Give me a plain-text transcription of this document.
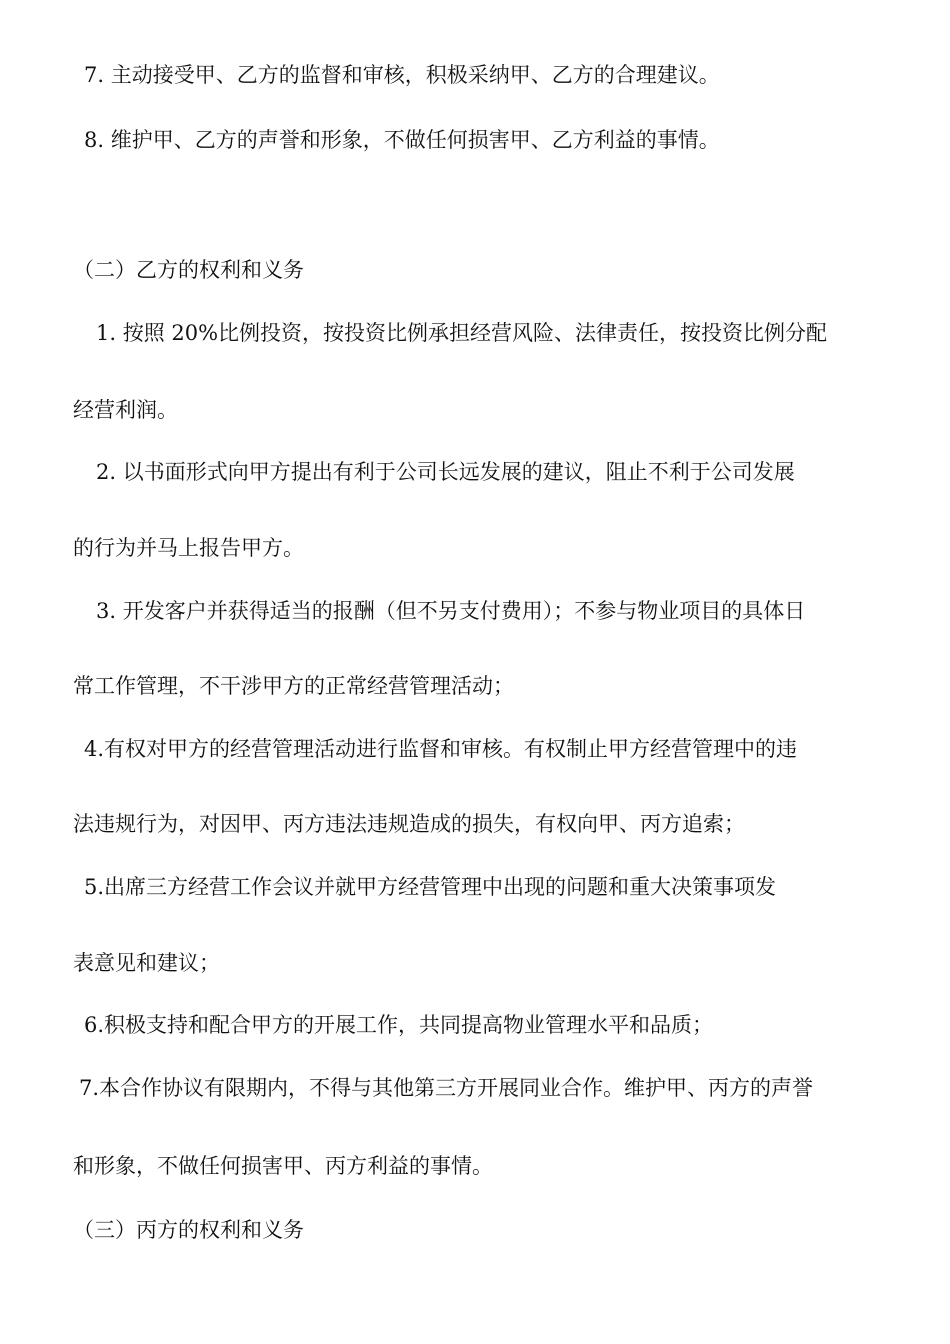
7. 主动接受甲、乙方的监督和审核，积极采纳甲、乙方的合理建议。
8. 维护甲、乙方的声誉和形象，不做任何损害甲、乙方利益的事情。
（二）乙方的权利和义务
1. 按照 20%比例投资，按投资比例承担经营风险、法律责任，按投资比例分配
经营利润。
2. 以书面形式向甲方提出有利于公司长远发展的建议，阻止不利于公司发展
的行为并马上报告甲方。
3. 开发客户并获得适当的报酬（但不另支付费用）；不参与物业项目的具体日
常工作管理，不干涉甲方的正常经营管理活动；
4.有权对甲方的经营管理活动进行监督和审核。有权制止甲方经营管理中的违
法违规行为，对因甲、丙方违法违规造成的损失，有权向甲、丙方追索；
5.出席三方经营工作会议并就甲方经营管理中出现的问题和重大决策事项发
表意见和建议；
6.积极支持和配合甲方的开展工作，共同提高物业管理水平和品质；
7.本合作协议有限期内，不得与其他第三方开展同业合作。维护甲、丙方的声誉
和形象，不做任何损害甲、丙方利益的事情。
（三）丙方的权利和义务
